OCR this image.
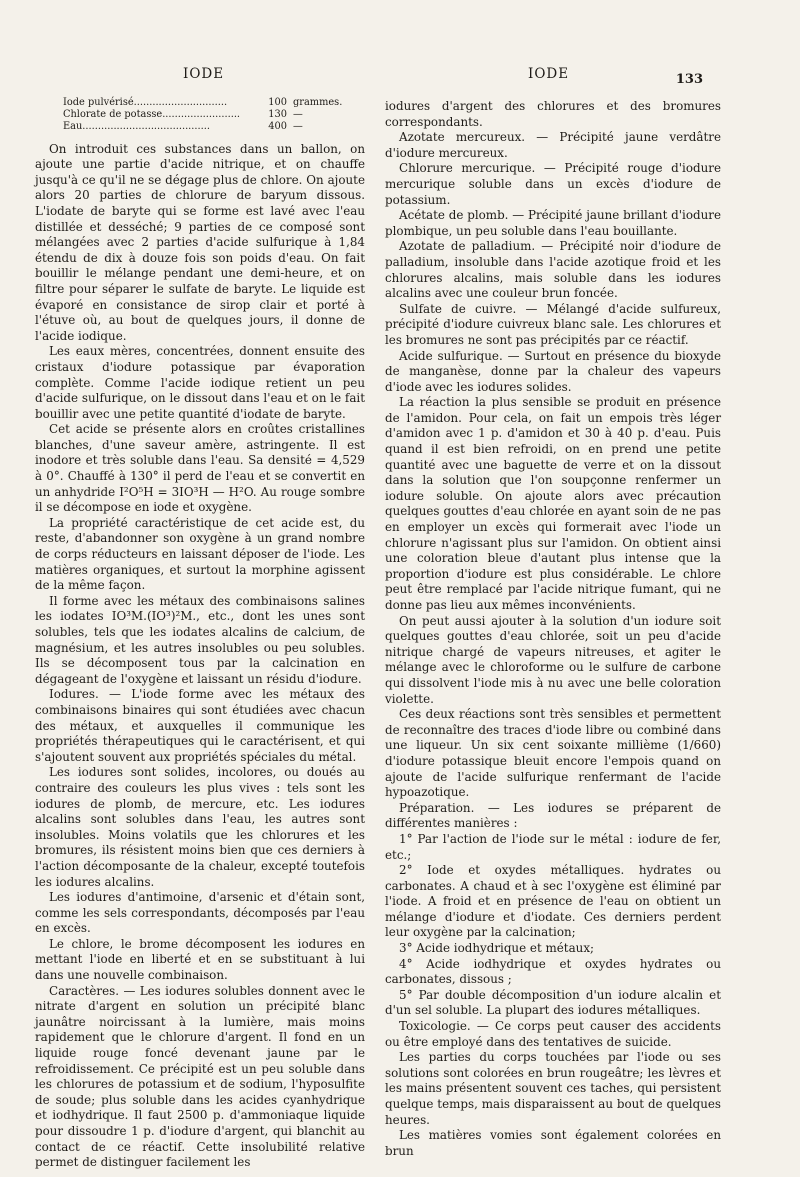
IODE	IODE	133
Iode pulvérisé..............................	100	grammes.
Chlorate de potasse.........................	130	—
Eau.........................................	400	—

On introduit ces substances dans un ballon, on ajoute une partie d'acide nitrique, et on chauffe jusqu'à ce qu'il ne se dégage plus de chlore. On ajoute alors 20 parties de chlorure de baryum dissous. L'iodate de baryte qui se forme est lavé avec l'eau distillée et desséché; 9 parties de ce composé sont mélangées avec 2 parties d'acide sulfurique à 1,84 étendu de dix à douze fois son poids d'eau. On fait bouillir le mélange pendant une demi-heure, et on filtre pour séparer le sulfate de baryte. Le liquide est évaporé en consistance de sirop clair et porté à l'étuve où, au bout de quelques jours, il donne de l'acide iodique.

Les eaux mères, concentrées, donnent ensuite des cristaux d'iodure potassique par évaporation complète. Comme l'acide iodique retient un peu d'acide sulfurique, on le dissout dans l'eau et on le fait bouillir avec une petite quantité d'iodate de baryte.

Cet acide se présente alors en croûtes cristallines blanches, d'une saveur amère, astringente. Il est inodore et très soluble dans l'eau. Sa densité = 4,529 à 0°. Chauffé à 130° il perd de l'eau et se convertit en un anhydride I²O⁵H = 3IO³H — H²O. Au rouge sombre il se décompose en iode et oxygène.

La propriété caractéristique de cet acide est, du reste, d'abandonner son oxygène à un grand nombre de corps réducteurs en laissant déposer de l'iode. Les matières organiques, et surtout la morphine agissent de la même façon.

Il forme avec les métaux des combinaisons salines les iodates IO³M.(IO³)²M., etc., dont les unes sont solubles, tels que les iodates alcalins de calcium, de magnésium, et les autres insolubles ou peu solubles. Ils se décomposent tous par la calcination en dégageant de l'oxygène et laissant un résidu d'iodure.

Iodures. — L'iode forme avec les métaux des combinaisons binaires qui sont étudiées avec chacun des métaux, et auxquelles il communique les propriétés thérapeutiques qui le caractérisent, et qui s'ajoutent souvent aux propriétés spéciales du métal.

Les iodures sont solides, incolores, ou doués au contraire des couleurs les plus vives : tels sont les iodures de plomb, de mercure, etc. Les iodures alcalins sont solubles dans l'eau, les autres sont insolubles. Moins volatils que les chlorures et les bromures, ils résistent moins bien que ces derniers à l'action décomposante de la chaleur, excepté toutefois les iodures alcalins.

Les iodures d'antimoine, d'arsenic et d'étain sont, comme les sels correspondants, décomposés par l'eau en excès.

Le chlore, le brome décomposent les iodures en mettant l'iode en liberté et en se substituant à lui dans une nouvelle combinaison.

Caractères. — Les iodures solubles donnent avec le nitrate d'argent en solution un précipité blanc jaunâtre noircissant à la lumière, mais moins rapidement que le chlorure d'argent. Il fond en un liquide rouge foncé devenant jaune par le refroidissement. Ce précipité est un peu soluble dans les chlorures de potassium et de sodium, l'hyposulfite de soude; plus soluble dans les acides cyanhydrique et iodhydrique. Il faut 2500 p. d'ammoniaque liquide pour dissoudre 1 p. d'iodure d'argent, qui blanchit au contact de ce réactif. Cette insolubilité relative permet de distinguer facilement les

iodures d'argent des chlorures et des bromures correspondants.

Azotate mercureux. — Précipité jaune verdâtre d'iodure mercureux.

Chlorure mercurique. — Précipité rouge d'iodure mercurique soluble dans un excès d'iodure de potassium.

Acétate de plomb. — Précipité jaune brillant d'iodure plombique, un peu soluble dans l'eau bouillante.

Azotate de palladium. — Précipité noir d'iodure de palladium, insoluble dans l'acide azotique froid et les chlorures alcalins, mais soluble dans les iodures alcalins avec une couleur brun foncée.

Sulfate de cuivre. — Mélangé d'acide sulfureux, précipité d'iodure cuivreux blanc sale. Les chlorures et les bromures ne sont pas précipités par ce réactif.

Acide sulfurique. — Surtout en présence du bioxyde de manganèse, donne par la chaleur des vapeurs d'iode avec les iodures solides.

La réaction la plus sensible se produit en présence de l'amidon. Pour cela, on fait un empois très léger d'amidon avec 1 p. d'amidon et 30 à 40 p. d'eau. Puis quand il est bien refroidi, on en prend une petite quantité avec une baguette de verre et on la dissout dans la solution que l'on soupçonne renfermer un iodure soluble. On ajoute alors avec précaution quelques gouttes d'eau chlorée en ayant soin de ne pas en employer un excès qui formerait avec l'iode un chlorure n'agissant plus sur l'amidon. On obtient ainsi une coloration bleue d'autant plus intense que la proportion d'iodure est plus considérable. Le chlore peut être remplacé par l'acide nitrique fumant, qui ne donne pas lieu aux mêmes inconvénients.

On peut aussi ajouter à la solution d'un iodure soit quelques gouttes d'eau chlorée, soit un peu d'acide nitrique chargé de vapeurs nitreuses, et agiter le mélange avec le chloroforme ou le sulfure de carbone qui dissolvent l'iode mis à nu avec une belle coloration violette.

Ces deux réactions sont très sensibles et permettent de reconnaître des traces d'iode libre ou combiné dans une liqueur. Un six cent soixante millième (1/660) d'iodure potassique bleuit encore l'empois quand on ajoute de l'acide sulfurique renfermant de l'acide hypoazotique.

Préparation. — Les iodures se préparent de différentes manières :

1° Par l'action de l'iode sur le métal : iodure de fer, etc.;

2° Iode et oxydes métalliques. hydrates ou carbonates. A chaud et à sec l'oxygène est éliminé par l'iode. A froid et en présence de l'eau on obtient un mélange d'iodure et d'iodate. Ces derniers perdent leur oxygène par la calcination;

3° Acide iodhydrique et métaux;

4° Acide iodhydrique et oxydes hydrates ou carbonates, dissous ;

5° Par double décomposition d'un iodure alcalin et d'un sel soluble. La plupart des iodures métalliques.

Toxicologie. — Ce corps peut causer des accidents ou être employé dans des tentatives de suicide.

Les parties du corps touchées par l'iode ou ses solutions sont colorées en brun rougeâtre; les lèvres et les mains présentent souvent ces taches, qui persistent quelque temps, mais disparaissent au bout de quelques heures.

Les matières vomies sont également colorées en brun
